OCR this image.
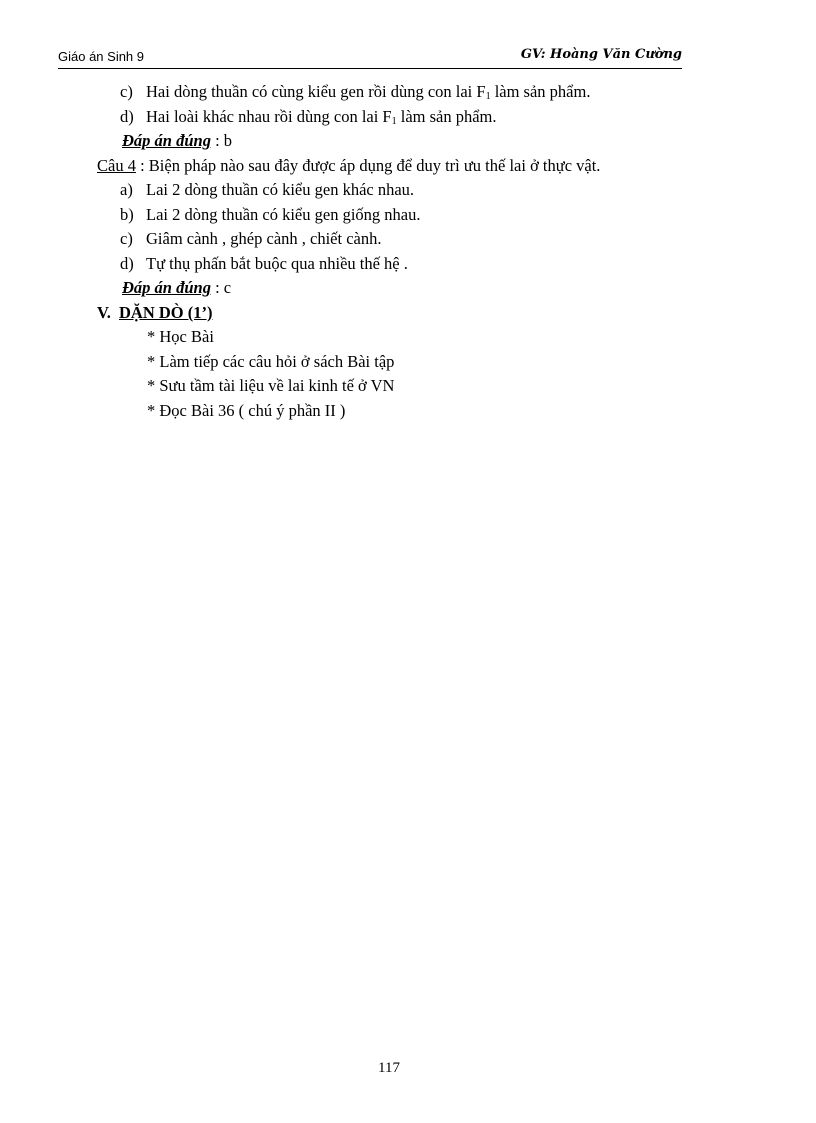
Giáo án Sinh 9	GV: Hoàng Văn Cường
c) Hai dòng thuần có cùng kiểu gen rồi dùng con lai $F_1$ làm sản phẩm.
d) Hai loài khác nhau rồi dùng con lai $F_1$ làm sản phẩm.
Đáp án đúng : b
Câu 4 : Biện pháp nào sau đây được áp dụng để duy trì ưu thế lai ở thực vật.
a) Lai 2 dòng thuần có kiểu gen khác nhau.
b) Lai 2 dòng thuần có kiểu gen giống nhau.
c) Giâm cành , ghép cành , chiết cành.
d) Tự thụ phấn bắt buộc qua nhiều thế hệ .
Đáp án đúng : c
V. DẶN DÒ (1’)
* Học Bài
* Làm tiếp các câu hỏi ở sách Bài tập
* Sưu tầm tài liệu về lai kinh tế ở VN
* Đọc Bài 36 ( chú ý phần II )
117
